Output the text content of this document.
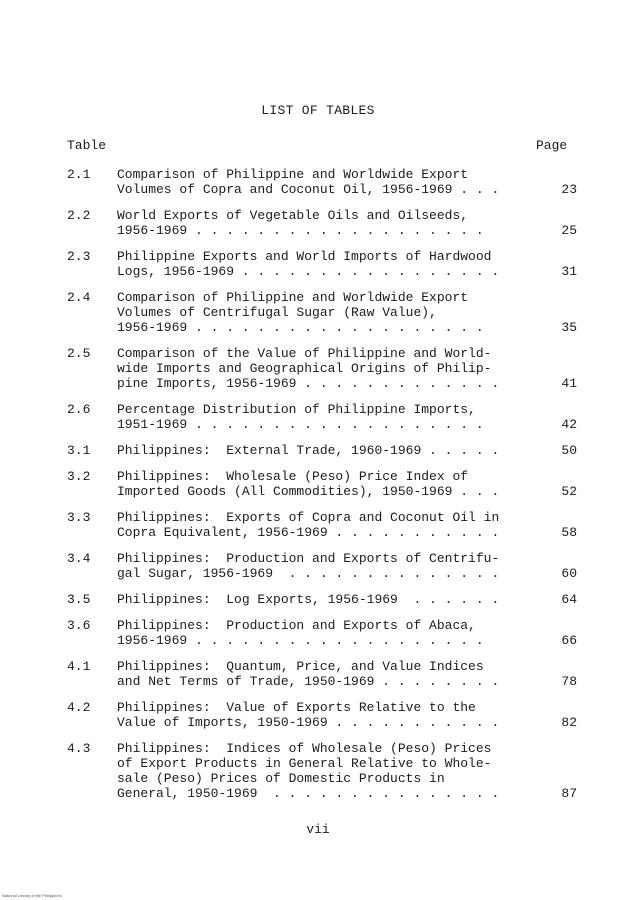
LIST OF TABLES
Table	Page
2.1 Comparison of Philippine and Worldwide Export
Volumes of Copra and Coconut Oil, 1956-1969 . . .	23
2.2 World Exports of Vegetable Oils and Oilseeds,
1956-1969 . . . . . . . . . . . . . . . . . . .	25
2.3 Philippine Exports and World Imports of Hardwood
Logs, 1956-1969 . . . . . . . . . . . . . . . . .	31
2.4 Comparison of Philippine and Worldwide Export
Volumes of Centrifugal Sugar (Raw Value),
1956-1969 . . . . . . . . . . . . . . . . . . .	35
2.5 Comparison of the Value of Philippine and World-
wide Imports and Geographical Origins of Philip-
pine Imports, 1956-1969 . . . . . . . . . . . . .	41
2.6 Percentage Distribution of Philippine Imports,
1951-1969 . . . . . . . . . . . . . . . . . . .	42
3.1 Philippines:  External Trade, 1960-1969 . . . . .	50
3.2 Philippines:  Wholesale (Peso) Price Index of
Imported Goods (All Commodities), 1950-1969 . . .	52
3.3 Philippines:  Exports of Copra and Coconut Oil in
Copra Equivalent, 1956-1969 . . . . . . . . . . .	58
3.4 Philippines:  Production and Exports of Centrifu-
gal Sugar, 1956-1969  . . . . . . . . . . . . . .	60
3.5 Philippines:  Log Exports, 1956-1969  . . . . . .	64
3.6 Philippines:  Production and Exports of Abaca,
1956-1969 . . . . . . . . . . . . . . . . . . .	66
4.1 Philippines:  Quantum, Price, and Value Indices
and Net Terms of Trade, 1950-1969 . . . . . . . .	78
4.2 Philippines:  Value of Exports Relative to the
Value of Imports, 1950-1969 . . . . . . . . . . .	82
4.3 Philippines:  Indices of Wholesale (Peso) Prices
of Export Products in General Relative to Whole-
sale (Peso) Prices of Domestic Products in
General, 1950-1969  . . . . . . . . . . . . . . .	87
vii
National Library of the Philippines
